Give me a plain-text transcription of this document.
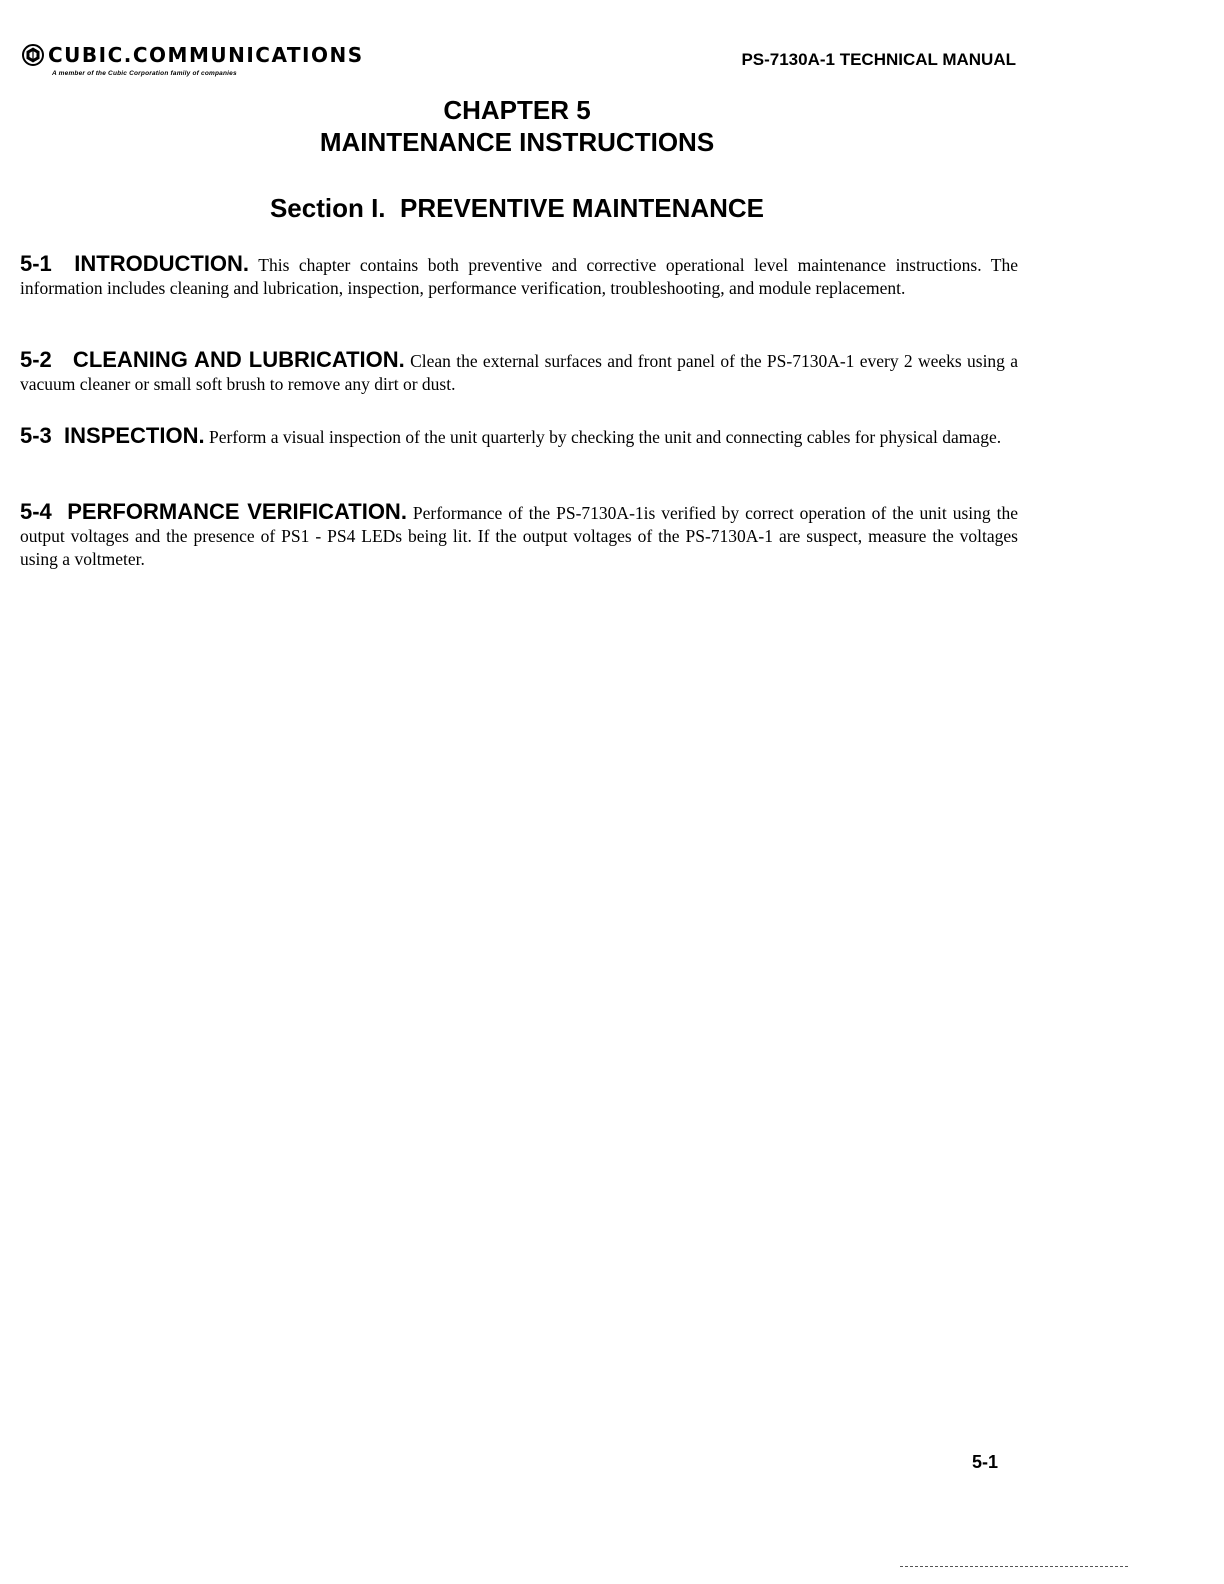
CUBIC.COMMUNICATIONS
A member of the Cubic Corporation family of companies
PS-7130A-1 TECHNICAL MANUAL
CHAPTER 5
MAINTENANCE INSTRUCTIONS
Section I.  PREVENTIVE MAINTENANCE

5-1  INTRODUCTION. This chapter contains both preventive and corrective operational level maintenance instructions. The information includes cleaning and lubrication, inspection, performance verification, troubleshooting, and module replacement.

5-2   CLEANING AND LUBRICATION. Clean the external surfaces and front panel of the PS-7130A-1 every 2 weeks using a vacuum cleaner or small soft brush to remove any dirt or dust.

5-3  INSPECTION. Perform a visual inspection of the unit quarterly by checking the unit and connecting cables for physical damage.

5-4  PERFORMANCE VERIFICATION. Performance of the PS-7130A-1is verified by correct operation of the unit using the output voltages and the presence of PS1 - PS4 LEDs being lit. If the output voltages of the PS-7130A-1 are suspect, measure the voltages using a voltmeter.

5-1
